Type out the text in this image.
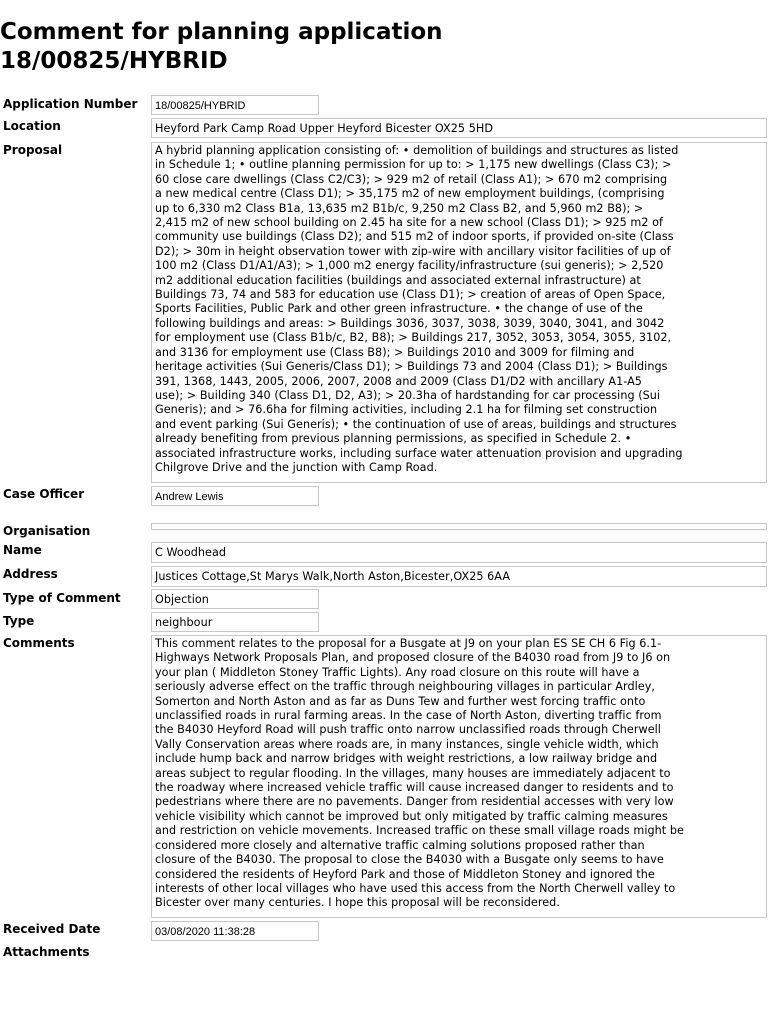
Comment for planning application
18/00825/HYBRID
Application Number	18/00825/HYBRID
Location	Heyford Park Camp Road Upper Heyford Bicester OX25 5HD
Proposal	A hybrid planning application consisting of: • demolition of buildings and structures as listed
in Schedule 1; • outline planning permission for up to: > 1,175 new dwellings (Class C3); >
60 close care dwellings (Class C2/C3); > 929 m2 of retail (Class A1); > 670 m2 comprising
a new medical centre (Class D1); > 35,175 m2 of new employment buildings, (comprising
up to 6,330 m2 Class B1a, 13,635 m2 B1b/c, 9,250 m2 Class B2, and 5,960 m2 B8); >
2,415 m2 of new school building on 2.45 ha site for a new school (Class D1); > 925 m2 of
community use buildings (Class D2); and 515 m2 of indoor sports, if provided on-site (Class
D2); > 30m in height observation tower with zip-wire with ancillary visitor facilities of up of
100 m2 (Class D1/A1/A3); > 1,000 m2 energy facility/infrastructure (sui generis); > 2,520
m2 additional education facilities (buildings and associated external infrastructure) at
Buildings 73, 74 and 583 for education use (Class D1); > creation of areas of Open Space,
Sports Facilities, Public Park and other green infrastructure. • the change of use of the
following buildings and areas: > Buildings 3036, 3037, 3038, 3039, 3040, 3041, and 3042
for employment use (Class B1b/c, B2, B8); > Buildings 217, 3052, 3053, 3054, 3055, 3102,
and 3136 for employment use (Class B8); > Buildings 2010 and 3009 for filming and
heritage activities (Sui Generis/Class D1); > Buildings 73 and 2004 (Class D1); > Buildings
391, 1368, 1443, 2005, 2006, 2007, 2008 and 2009 (Class D1/D2 with ancillary A1-A5
use); > Building 340 (Class D1, D2, A3); > 20.3ha of hardstanding for car processing (Sui
Generis); and > 76.6ha for filming activities, including 2.1 ha for filming set construction
and event parking (Sui Generis); • the continuation of use of areas, buildings and structures
already benefiting from previous planning permissions, as specified in Schedule 2. •
associated infrastructure works, including surface water attenuation provision and upgrading
Chilgrove Drive and the junction with Camp Road.
Case Officer	Andrew Lewis
Organisation
Name	C Woodhead
Address	Justices Cottage,St Marys Walk,North Aston,Bicester,OX25 6AA
Type of Comment	Objection
Type	neighbour
Comments	This comment relates to the proposal for a Busgate at J9 on your plan ES SE CH 6 Fig 6.1-
Highways Network Proposals Plan, and proposed closure of the B4030 road from J9 to J6 on
your plan ( Middleton Stoney Traffic Lights). Any road closure on this route will have a
seriously adverse effect on the traffic through neighbouring villages in particular Ardley,
Somerton and North Aston and as far as Duns Tew and further west forcing traffic onto
unclassified roads in rural farming areas. In the case of North Aston, diverting traffic from
the B4030 Heyford Road will push traffic onto narrow unclassified roads through Cherwell
Vally Conservation areas where roads are, in many instances, single vehicle width, which
include hump back and narrow bridges with weight restrictions, a low railway bridge and
areas subject to regular flooding. In the villages, many houses are immediately adjacent to
the roadway where increased vehicle traffic will cause increased danger to residents and to
pedestrians where there are no pavements. Danger from residential accesses with very low
vehicle visibility which cannot be improved but only mitigated by traffic calming measures
and restriction on vehicle movements. Increased traffic on these small village roads might be
considered more closely and alternative traffic calming solutions proposed rather than
closure of the B4030. The proposal to close the B4030 with a Busgate only seems to have
considered the residents of Heyford Park and those of Middleton Stoney and ignored the
interests of other local villages who have used this access from the North Cherwell valley to
Bicester over many centuries. I hope this proposal will be reconsidered.
Received Date	03/08/2020 11:38:28
Attachments
